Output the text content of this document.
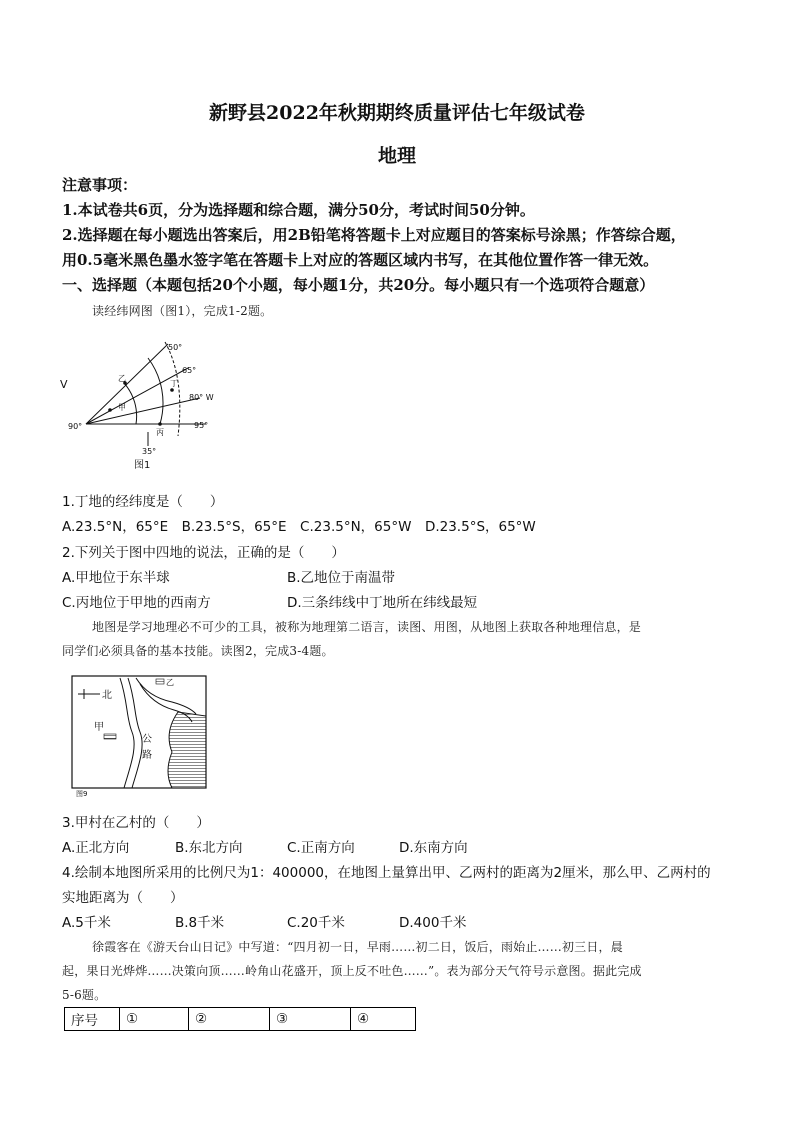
新野县2022年秋期期终质量评估七年级试卷
地理
注意事项：
1.本试卷共6页，分为选择题和综合题，满分50分，考试时间50分钟。
2.选择题在每小题选出答案后，用2B铅笔将答题卡上对应题目的答案标号涂黑；作答综合题，
用0.5毫米黑色墨水签字笔在答题卡上对应的答题区域内书写，在其他位置作答一律无效。
一、选择题（本题包括20个小题，每小题1分，共20分。每小题只有一个选项符合题意）
读经纬网图（图1），完成1-2题。
50°
65°
80° W
95°
90°
35°
乙
丁
甲
丙
V
图1
1.丁地的经纬度是（　　）
A.23.5°N，65°E　B.23.5°S，65°E　C.23.5°N，65°W　D.23.5°S，65°W
2.下列关于图中四地的说法，正确的是（　　）
A.甲地位于东半球	B.乙地位于南温带
C.丙地位于甲地的西南方	D.三条纬线中丁地所在纬线最短
地图是学习地理必不可少的工具，被称为地理第二语言，读图、用图，从地图上获取各种地理信息，是
同学们必须具备的基本技能。读图2，完成3-4题。
北
乙
甲
公
路
图9
3.甲村在乙村的（　　）
A.正北方向	B.东北方向	C.正南方向	D.东南方向
4.绘制本地图所采用的比例尺为1：400000，在地图上量算出甲、乙两村的距离为2厘米，那么甲、乙两村的
实地距离为（　　）
A.5千米	B.8千米	C.20千米	D.400千米
徐霞客在《游天台山日记》中写道：“四月初一日，早雨……初二日，饭后，雨始止……初三日，晨
起，果日光烨烨……决策向顶……岭角山花盛开，顶上反不吐色……”。表为部分天气符号示意图。据此完成
5-6题。
序号	①	②	③	④
